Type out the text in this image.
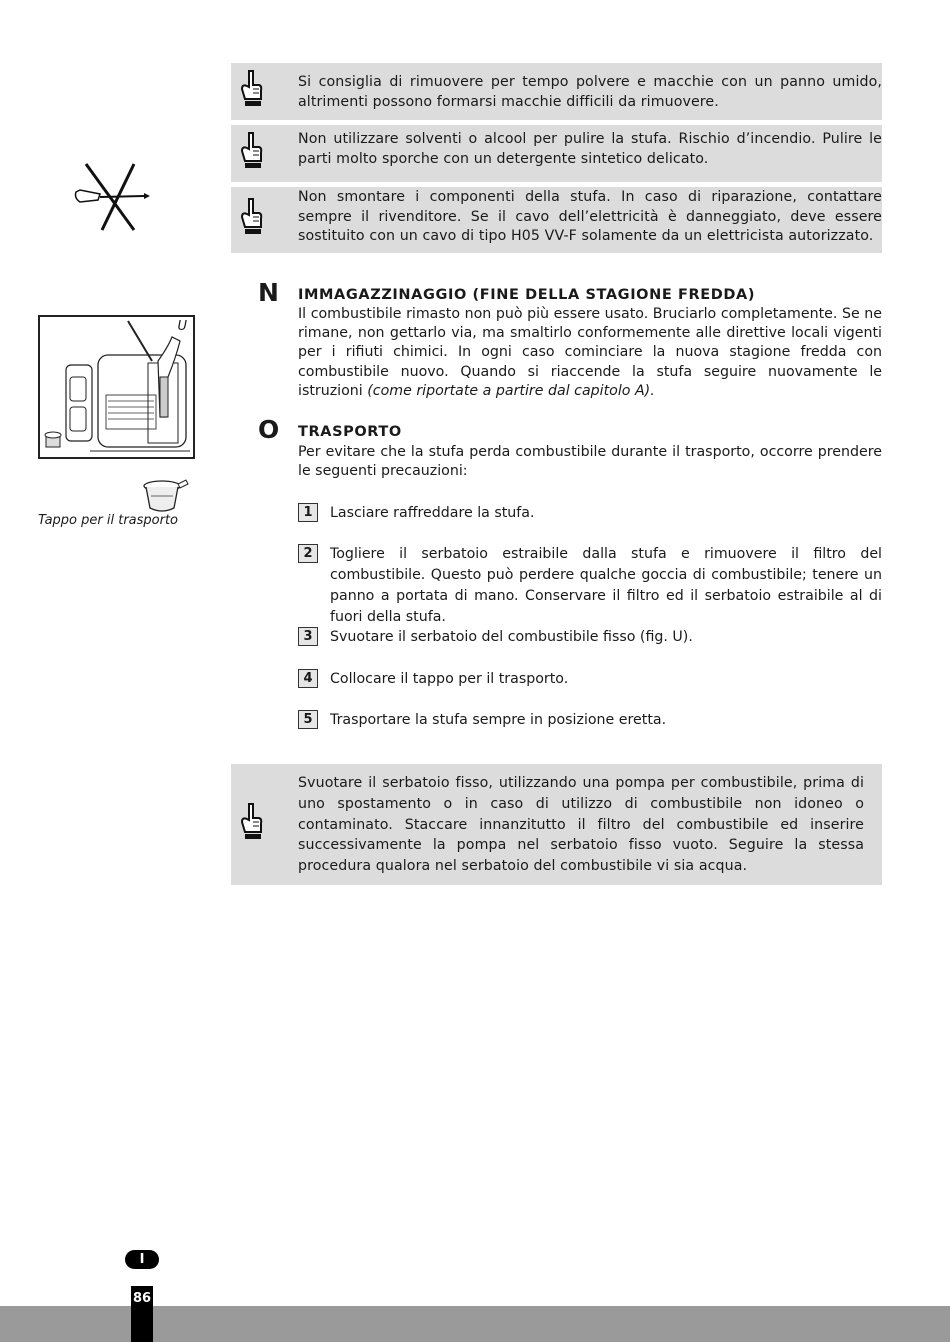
U
Tappo per il trasporto

Si consiglia di rimuovere per tempo polvere e macchie con un panno umido, altrimenti possono formarsi macchie difficili da rimuovere.

Non utilizzare solventi o alcool per pulire la stufa. Rischio d’incendio. Pulire le parti molto sporche con un detergente sintetico delicato.

Non smontare i componenti della stufa. In caso di riparazione, contattare sempre il rivenditore. Se il cavo dell’elettricità è danneggiato, deve essere sostituito con un cavo di tipo H05 VV-F solamente da un elettricista autorizzato.

N IMMAGAZZINAGGIO (FINE DELLA STAGIONE FREDDA)

Il combustibile rimasto non può più essere usato. Bruciarlo completamente. Se ne rimane, non gettarlo via, ma smaltirlo conformemente alle direttive locali vigenti per i rifiuti chimici. In ogni caso cominciare la nuova stagione fredda con combustibile nuovo. Quando si riaccende la stufa seguire nuovamente le istruzioni (come riportate a partire dal capitolo A).

O TRASPORTO

Per evitare che la stufa perda combustibile durante il trasporto, occorre prendere le seguenti precauzioni:

1	Lasciare raffreddare la stufa.

2	Togliere il serbatoio estraibile dalla stufa e rimuovere il filtro del combustibile. Questo può perdere qualche goccia di combustibile; tenere un panno a portata di mano. Conservare il filtro ed il serbatoio estraibile al di fuori della stufa.

3	Svuotare il serbatoio del combustibile fisso (fig. U).

4	Collocare il tappo per il trasporto.

5	Trasportare la stufa sempre in posizione eretta.

Svuotare il serbatoio fisso, utilizzando una pompa per combustibile, prima di uno spostamento o in caso di utilizzo di combustibile non idoneo o contaminato. Staccare innanzitutto il filtro del combustibile ed inserire successivamente la pompa nel serbatoio fisso vuoto. Seguire la stessa procedura qualora nel serbatoio del combustibile vi sia acqua.

I
86
